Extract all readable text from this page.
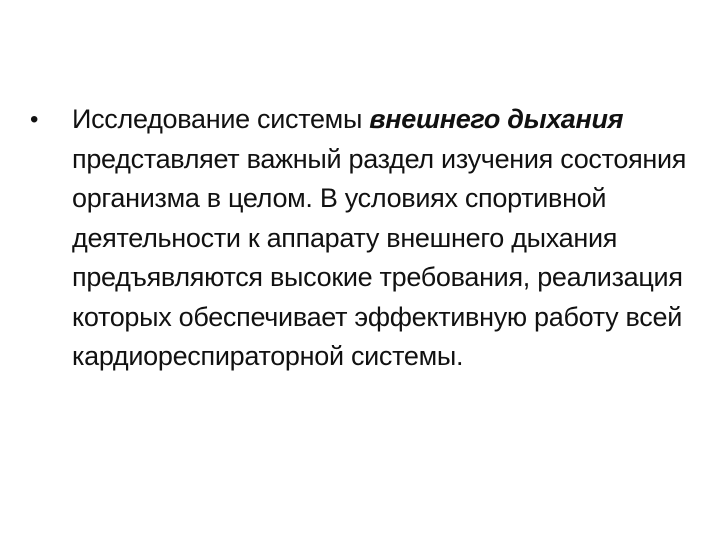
• Исследование системы внешнего дыхания представляет важный раздел изучения состояния организма в целом. В условиях спортивной деятельности к аппарату внешнего дыхания предъявляются высокие требования, реализация которых обеспечивает эффективную работу всей кардиореспираторной системы.
